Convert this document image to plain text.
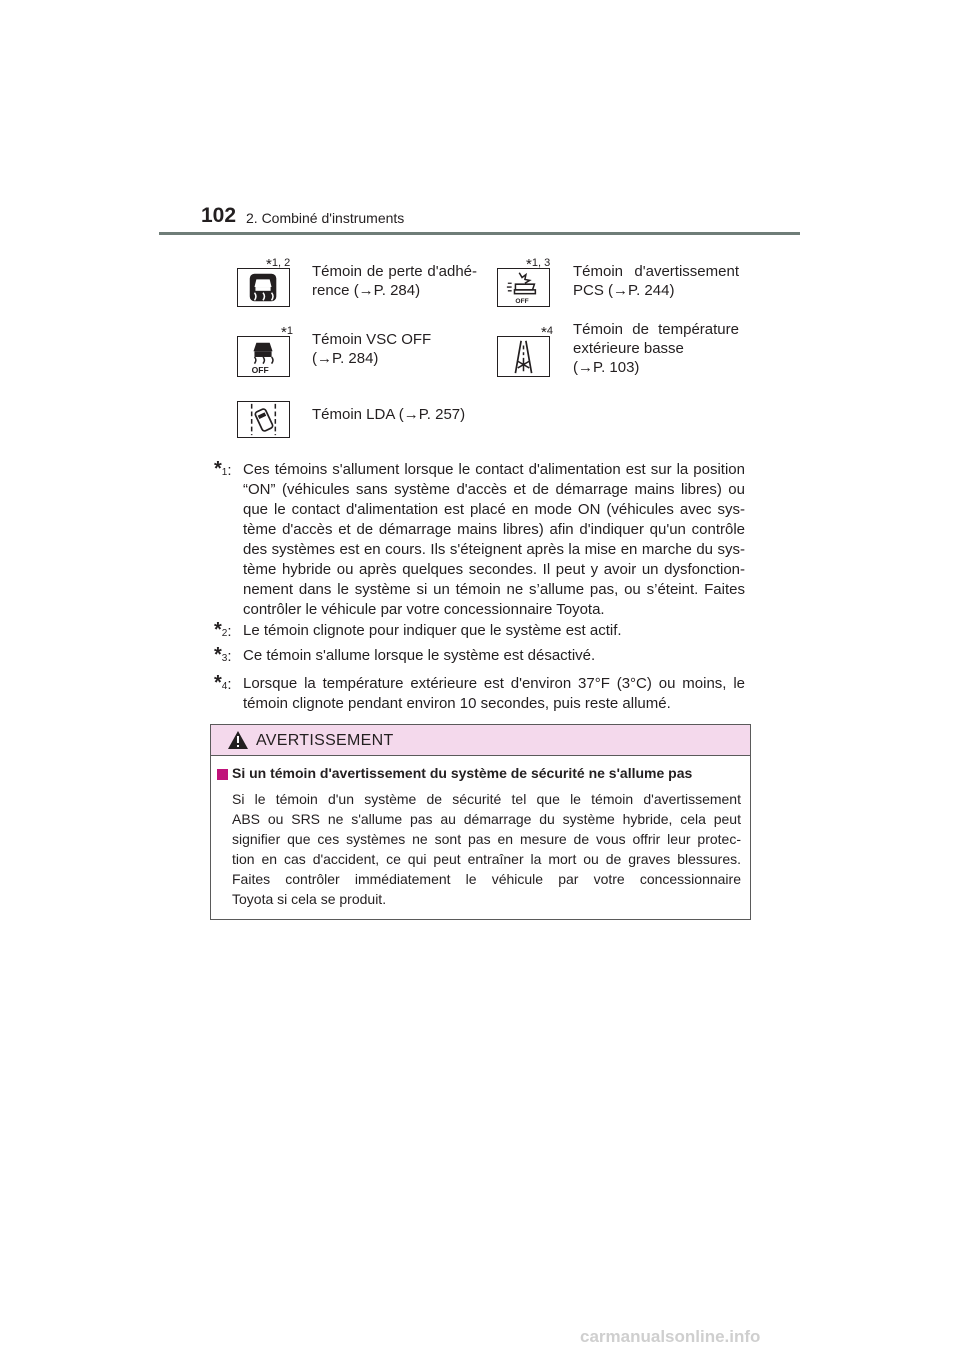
102 2. Combiné d'instruments
*1, 2 Témoin de perte d'adhé-
rence (→P. 284)
OFF
*1, 3 Témoin d'avertissement
PCS (→P. 244)
OFF
*1 Témoin VSC OFF
(→P. 284)
*4 Témoin de température
extérieure basse
(→P. 103)
Témoin LDA (→P. 257)
*1: Ces témoins s'allument lorsque le contact d'alimentation est sur la position
“ON” (véhicules sans système d'accès et de démarrage mains libres) ou
que le contact d'alimentation est placé en mode ON (véhicules avec sys-
tème d'accès et de démarrage mains libres) afin d'indiquer qu'un contrôle
des systèmes est en cours. Ils s'éteignent après la mise en marche du sys-
tème hybride ou après quelques secondes. Il peut y avoir un dysfonction-
nement dans le système si un témoin ne s’allume pas, ou s’éteint. Faites
contrôler le véhicule par votre concessionnaire Toyota.
*2: Le témoin clignote pour indiquer que le système est actif.
*3: Ce témoin s'allume lorsque le système est désactivé.
*4: Lorsque la température extérieure est d'environ 37°F (3°C) ou moins, le
témoin clignote pendant environ 10 secondes, puis reste allumé.
AVERTISSEMENT
Si un témoin d'avertissement du système de sécurité ne s'allume pas
Si le témoin d'un système de sécurité tel que le témoin d'avertissement
ABS ou SRS ne s'allume pas au démarrage du système hybride, cela peut
signifier que ces systèmes ne sont pas en mesure de vous offrir leur protec-
tion en cas d'accident, ce qui peut entraîner la mort ou de graves blessures.
Faites contrôler immédiatement le véhicule par votre concessionnaire
Toyota si cela se produit.
carmanualsonline.info
